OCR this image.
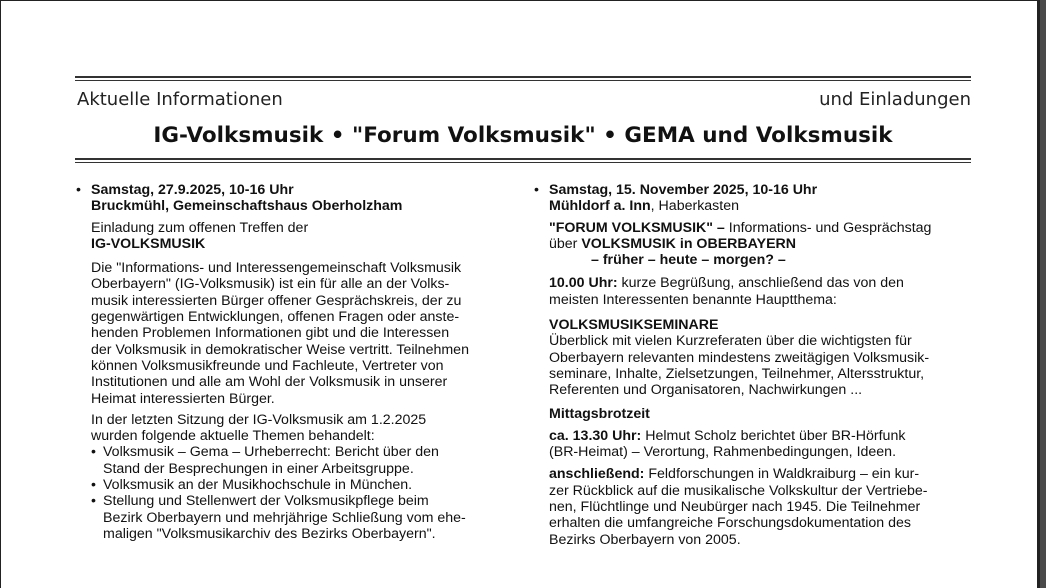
Aktuelle Informationen	und Einladungen
IG-Volksmusik • "Forum Volksmusik" • GEMA und Volksmusik
• Samstag, 27.9.2025, 10-16 Uhr

Bruckmühl, Gemeinschaftshaus Oberholzham

Einladung zum offenen Treffen der

IG-VOLKSMUSIK

Die "Informations- und Interessengemeinschaft Volksmusik

Oberbayern" (IG-Volksmusik) ist ein für alle an der Volks-

musik interessierten Bürger offener Gesprächskreis, der zu

gegenwärtigen Entwicklungen, offenen Fragen oder anste-

henden Problemen Informationen gibt und die Interessen

der Volksmusik in demokratischer Weise vertritt. Teilnehmen

können Volksmusikfreunde und Fachleute, Vertreter von

Institutionen und alle am Wohl der Volksmusik in unserer

Heimat interessierten Bürger.

In der letzten Sitzung der IG-Volksmusik am 1.2.2025

wurden folgende aktuelle Themen behandelt:

• Volksmusik – Gema – Urheberrecht: Bericht über den

Stand der Besprechungen in einer Arbeitsgruppe.

• Volksmusik an der Musikhochschule in München.

• Stellung und Stellenwert der Volksmusikpflege beim

Bezirk Oberbayern und mehrjährige Schließung vom ehe-

maligen "Volksmusikarchiv des Bezirks Oberbayern".

• Samstag, 15. November 2025, 10-16 Uhr

Mühldorf a. Inn, Haberkasten

"FORUM VOLKSMUSIK" – Informations- und Gesprächstag

über VOLKSMUSIK in OBERBAYERN

– früher – heute – morgen? –

10.00 Uhr: kurze Begrüßung, anschließend das von den

meisten Interessenten benannte Hauptthema:

VOLKSMUSIKSEMINARE

Überblick mit vielen Kurzreferaten über die wichtigsten für

Oberbayern relevanten mindestens zweitägigen Volksmusik-

seminare, Inhalte, Zielsetzungen, Teilnehmer, Altersstruktur,

Referenten und Organisatoren, Nachwirkungen ...

Mittagsbrotzeit

ca. 13.30 Uhr: Helmut Scholz berichtet über BR-Hörfunk

(BR-Heimat) – Verortung, Rahmenbedingungen, Ideen.

anschließend: Feldforschungen in Waldkraiburg – ein kur-

zer Rückblick auf die musikalische Volkskultur der Vertriebe-

nen, Flüchtlinge und Neubürger nach 1945. Die Teilnehmer

erhalten die umfangreiche Forschungsdokumentation des

Bezirks Oberbayern von 2005.
